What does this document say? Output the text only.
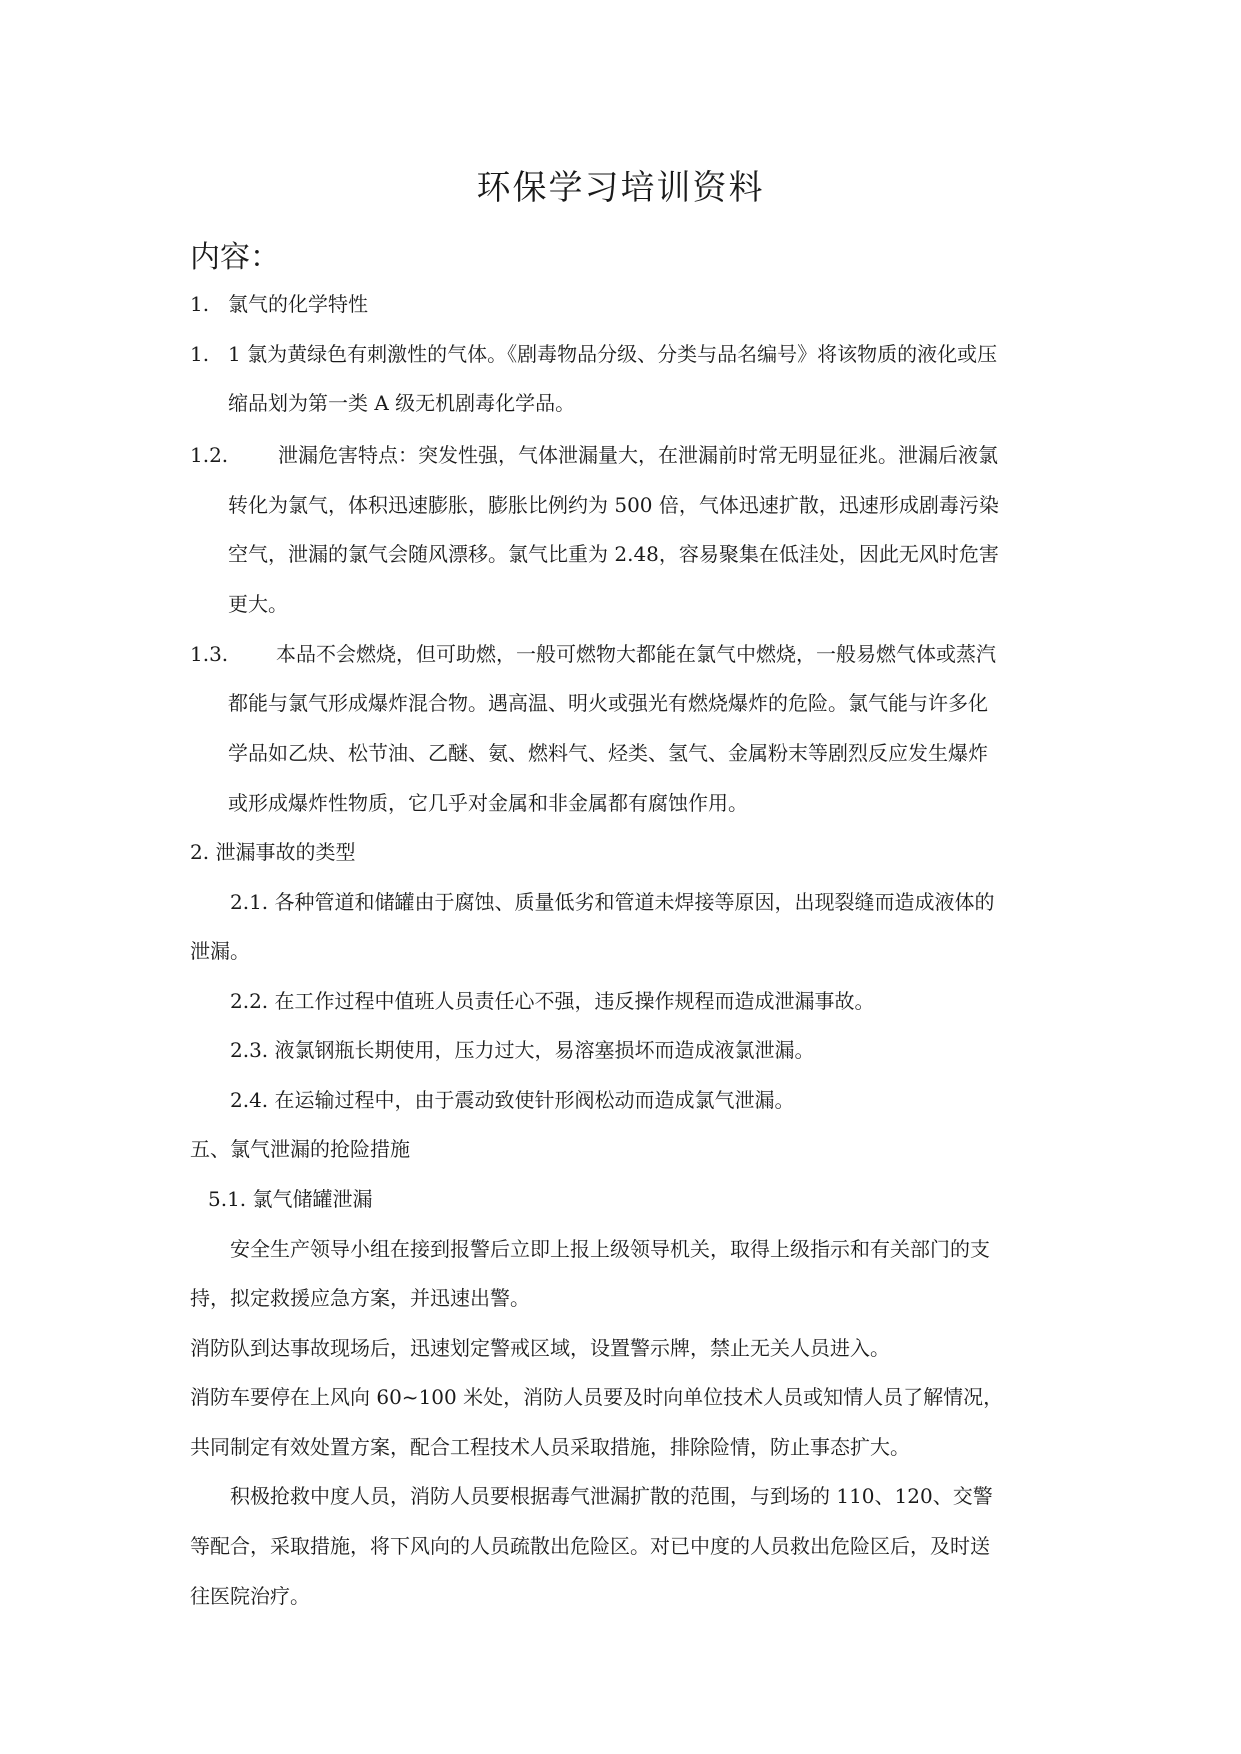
环保学习培训资料
内容：
1. 氯气的化学特性
1. 1 氯为黄绿色有刺激性的气体。《剧毒物品分级、分类与品名编号》将该物质的液化或压
缩品划为第一类 A 级无机剧毒化学品。
1.2. 泄漏危害特点：突发性强，气体泄漏量大，在泄漏前时常无明显征兆。泄漏后液氯
转化为氯气，体积迅速膨胀，膨胀比例约为 500 倍，气体迅速扩散，迅速形成剧毒污染
空气，泄漏的氯气会随风漂移。氯气比重为 2.48，容易聚集在低洼处，因此无风时危害
更大。
1.3. 本品不会燃烧，但可助燃，一般可燃物大都能在氯气中燃烧，一般易燃气体或蒸汽
都能与氯气形成爆炸混合物。遇高温、明火或强光有燃烧爆炸的危险。氯气能与许多化
学品如乙炔、松节油、乙醚、氨、燃料气、烃类、氢气、金属粉末等剧烈反应发生爆炸
或形成爆炸性物质，它几乎对金属和非金属都有腐蚀作用。
2. 泄漏事故的类型
2.1. 各种管道和储罐由于腐蚀、质量低劣和管道未焊接等原因，出现裂缝而造成液体的
泄漏。
2.2. 在工作过程中值班人员责任心不强，违反操作规程而造成泄漏事故。
2.3. 液氯钢瓶长期使用，压力过大，易溶塞损坏而造成液氯泄漏。
2.4. 在运输过程中，由于震动致使针形阀松动而造成氯气泄漏。
五、氯气泄漏的抢险措施
5.1. 氯气储罐泄漏
安全生产领导小组在接到报警后立即上报上级领导机关，取得上级指示和有关部门的支
持，拟定救援应急方案，并迅速出警。
消防队到达事故现场后，迅速划定警戒区域，设置警示牌，禁止无关人员进入。
消防车要停在上风向 60~100 米处，消防人员要及时向单位技术人员或知情人员了解情况，
共同制定有效处置方案，配合工程技术人员采取措施，排除险情，防止事态扩大。
积极抢救中度人员，消防人员要根据毒气泄漏扩散的范围，与到场的 110、120、交警
等配合，采取措施，将下风向的人员疏散出危险区。对已中度的人员救出危险区后，及时送
往医院治疗。
